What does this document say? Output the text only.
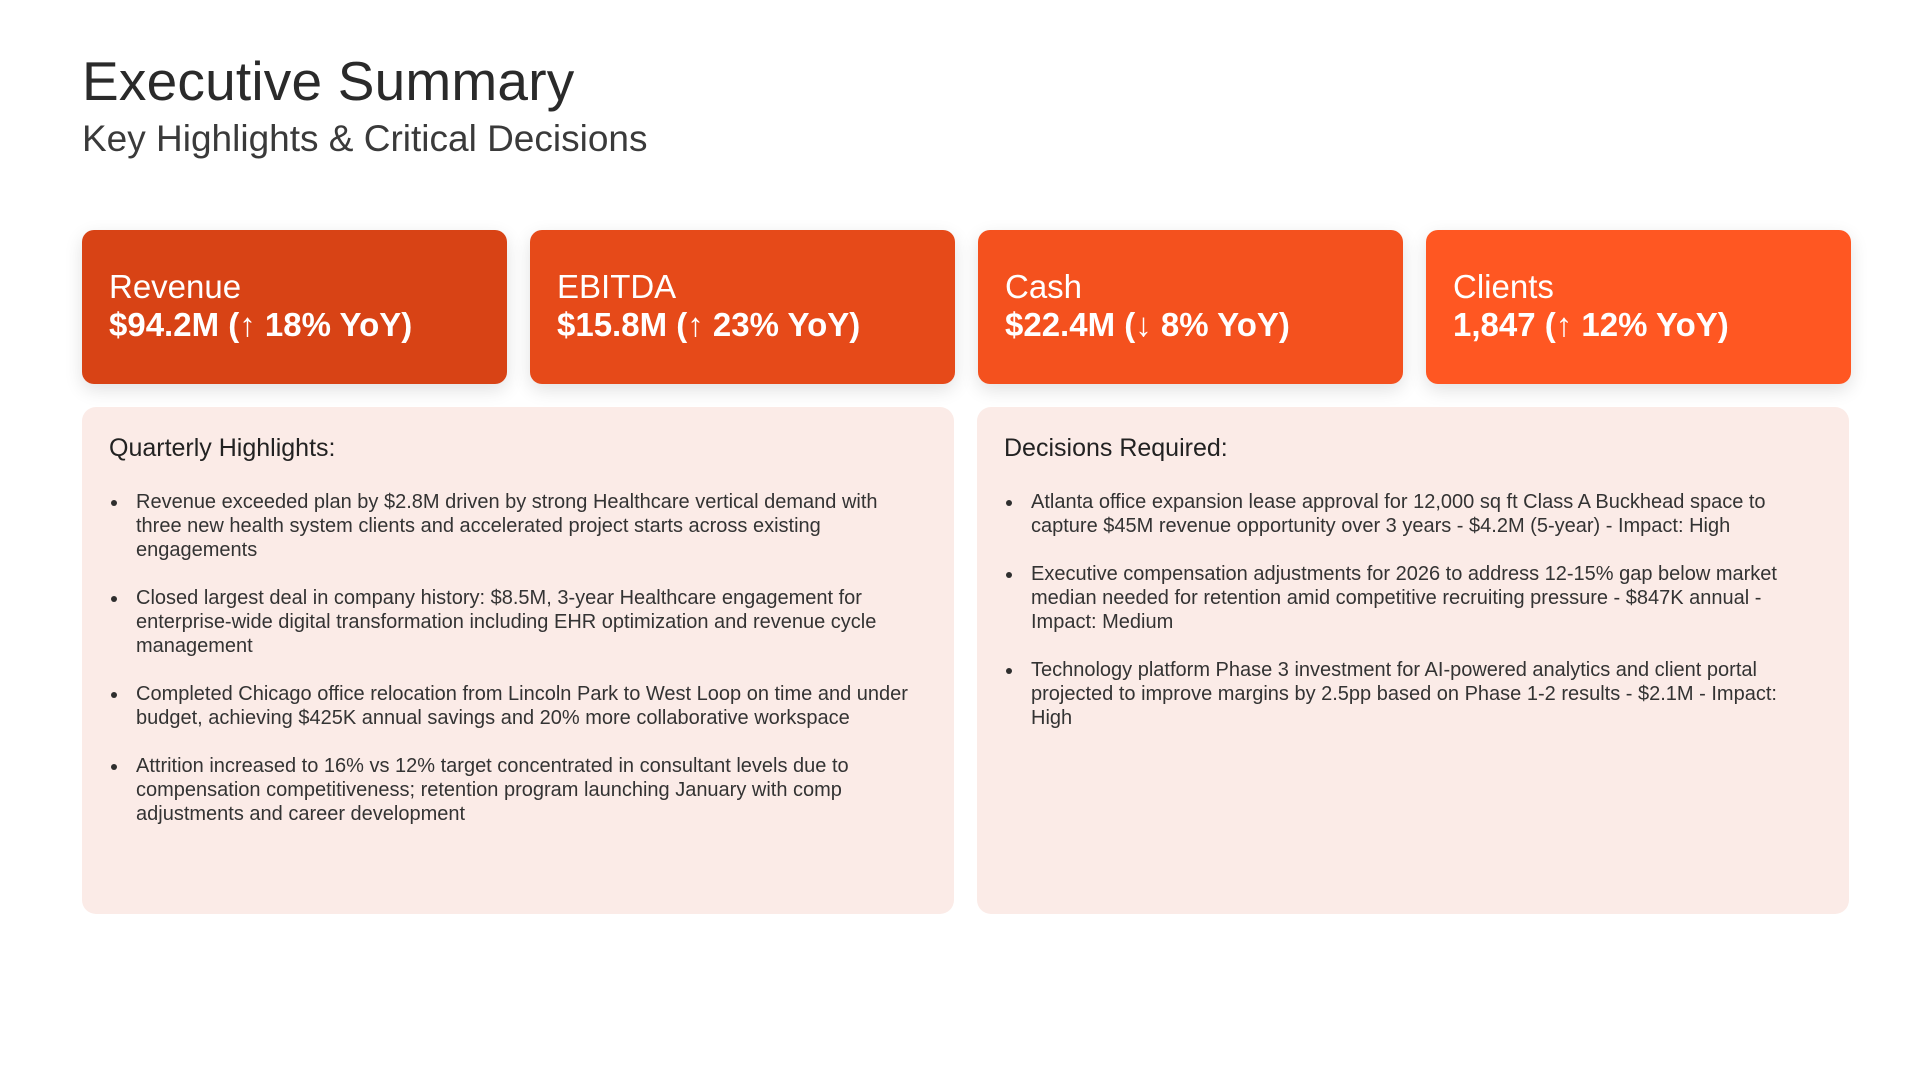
Executive Summary
Key Highlights & Critical Decisions
Revenue
$94.2M (↑ 18% YoY)
EBITDA
$15.8M (↑ 23% YoY)
Cash
$22.4M (↓ 8% YoY)
Clients
1,847 (↑ 12% YoY)
Quarterly Highlights:
Revenue exceeded plan by $2.8M driven by strong Healthcare vertical demand with three new health system clients and accelerated project starts across existing engagements
Closed largest deal in company history: $8.5M, 3-year Healthcare engagement for enterprise-wide digital transformation including EHR optimization and revenue cycle management
Completed Chicago office relocation from Lincoln Park to West Loop on time and under budget, achieving $425K annual savings and 20% more collaborative workspace
Attrition increased to 16% vs 12% target concentrated in consultant levels due to compensation competitiveness; retention program launching January with comp adjustments and career development
Decisions Required:
Atlanta office expansion lease approval for 12,000 sq ft Class A Buckhead space to capture $45M revenue opportunity over 3 years - $4.2M (5-year) - Impact: High
Executive compensation adjustments for 2026 to address 12-15% gap below market median needed for retention amid competitive recruiting pressure - $847K annual - Impact: Medium
Technology platform Phase 3 investment for AI-powered analytics and client portal projected to improve margins by 2.5pp based on Phase 1-2 results - $2.1M - Impact: High
